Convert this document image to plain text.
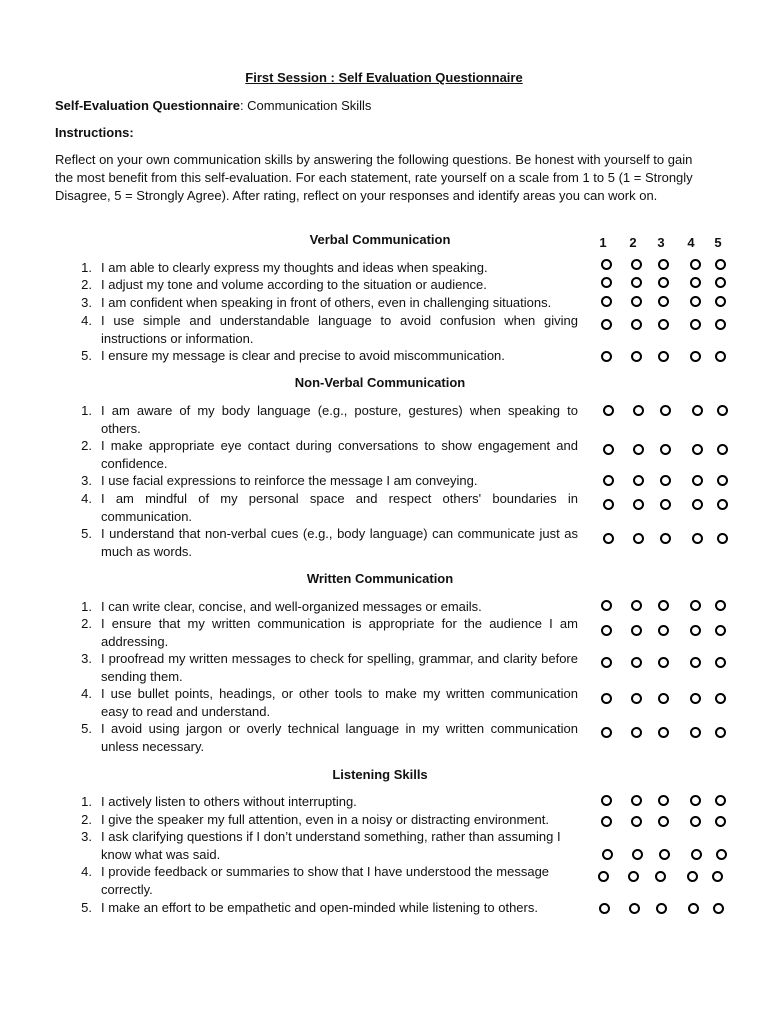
First Session : Self Evaluation Questionnaire
Self-Evaluation Questionnaire: Communication Skills
Instructions:
Reflect on your own communication skills by answering the following questions. Be honest with yourself to gain the most benefit from this self-evaluation. For each statement, rate yourself on a scale from 1 to 5 (1 = Strongly Disagree, 5 = Strongly Agree). After rating, reflect on your responses and identify areas you can work on.
1 2 3 4 5
Verbal Communication
1. I am able to clearly express my thoughts and ideas when speaking.
2. I adjust my tone and volume according to the situation or audience.
3. I am confident when speaking in front of others, even in challenging situations.
4. I use simple and understandable language to avoid confusion when giving instructions or information.
5. I ensure my message is clear and precise to avoid miscommunication.
Non-Verbal Communication
1. I am aware of my body language (e.g., posture, gestures) when speaking to others.
2. I make appropriate eye contact during conversations to show engagement and confidence.
3. I use facial expressions to reinforce the message I am conveying.
4. I am mindful of my personal space and respect others' boundaries in communication.
5. I understand that non-verbal cues (e.g., body language) can communicate just as much as words.
Written Communication
1. I can write clear, concise, and well-organized messages or emails.
2. I ensure that my written communication is appropriate for the audience I am addressing.
3. I proofread my written messages to check for spelling, grammar, and clarity before sending them.
4. I use bullet points, headings, or other tools to make my written communication easy to read and understand.
5. I avoid using jargon or overly technical language in my written communication unless necessary.
Listening Skills
1. I actively listen to others without interrupting.
2. I give the speaker my full attention, even in a noisy or distracting environment.
3. I ask clarifying questions if I don’t understand something, rather than assuming I know what was said.
4. I provide feedback or summaries to show that I have understood the message correctly.
5. I make an effort to be empathetic and open-minded while listening to others.
